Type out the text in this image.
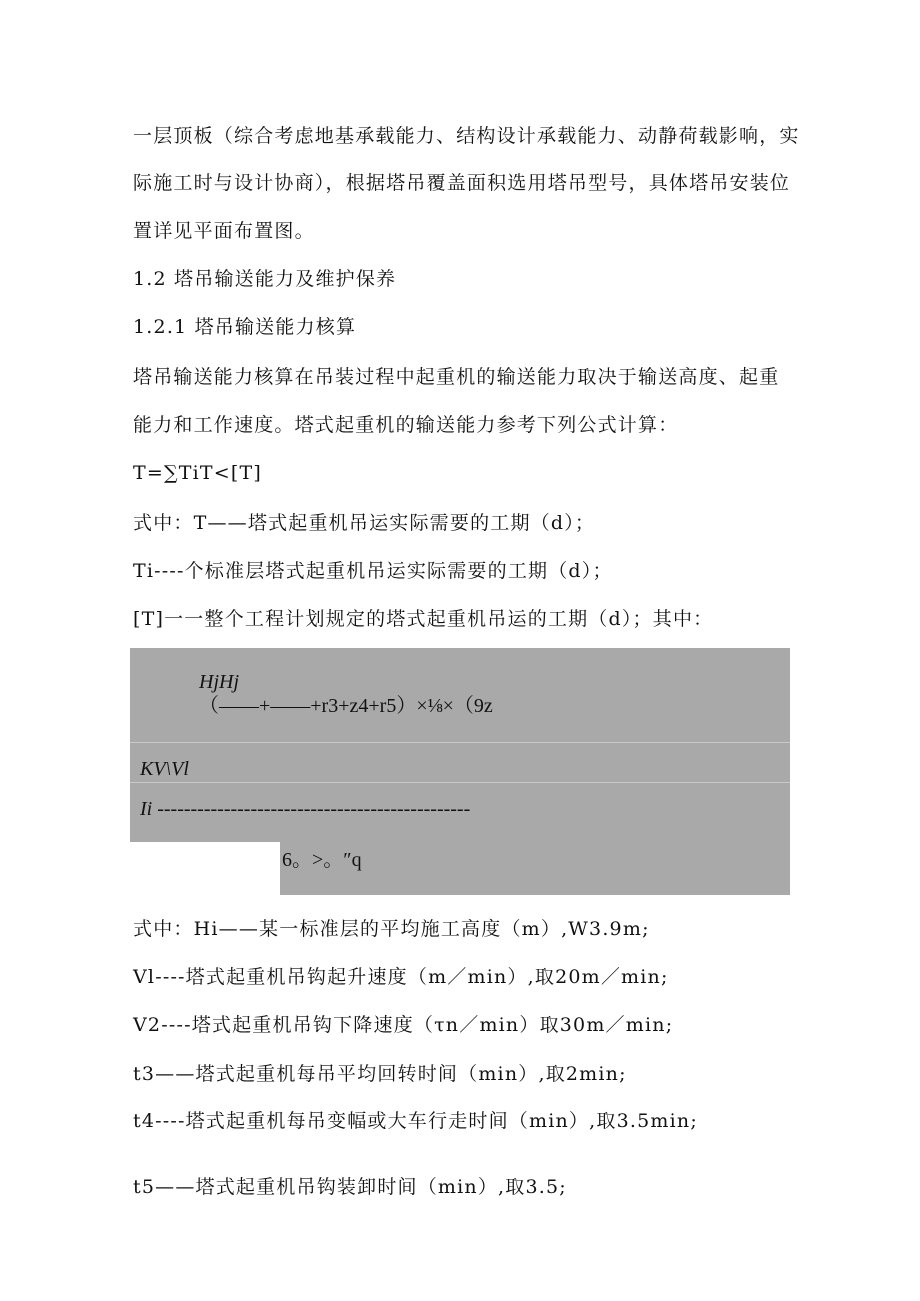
一层顶板（综合考虑地基承载能力、结构设计承载能力、动静荷载影响，实

际施工时与设计协商），根据塔吊覆盖面积选用塔吊型号，具体塔吊安装位

置详见平面布置图。

1.2 塔吊输送能力及维护保养

1.2.1 塔吊输送能力核算

塔吊输送能力核算在吊装过程中起重机的输送能力取决于输送高度、起重

能力和工作速度。塔式起重机的输送能力参考下列公式计算：

T=∑TiT<[T]

式中：T——塔式起重机吊运实际需要的工期（d）；

Ti----个标准层塔式起重机吊运实际需要的工期（d）；

[T]一一整个工程计划规定的塔式起重机吊运的工期（d）；其中：

HjHj

（——+——+r3+z4+r5）×⅛×（9z

KV\Vl

Ii -----------------------------------------------

6。>。″q

式中：Hi——某一标准层的平均施工高度（m）,W3.9m;

Vl----塔式起重机吊钩起升速度（m／min）,取20m／min;

V2----塔式起重机吊钩下降速度（τn／min）取30m／min;

t3——塔式起重机每吊平均回转时间（min）,取2min;

t4----塔式起重机每吊变幅或大车行走时间（min）,取3.5min;

t5——塔式起重机吊钩装卸时间（min）,取3.5;
